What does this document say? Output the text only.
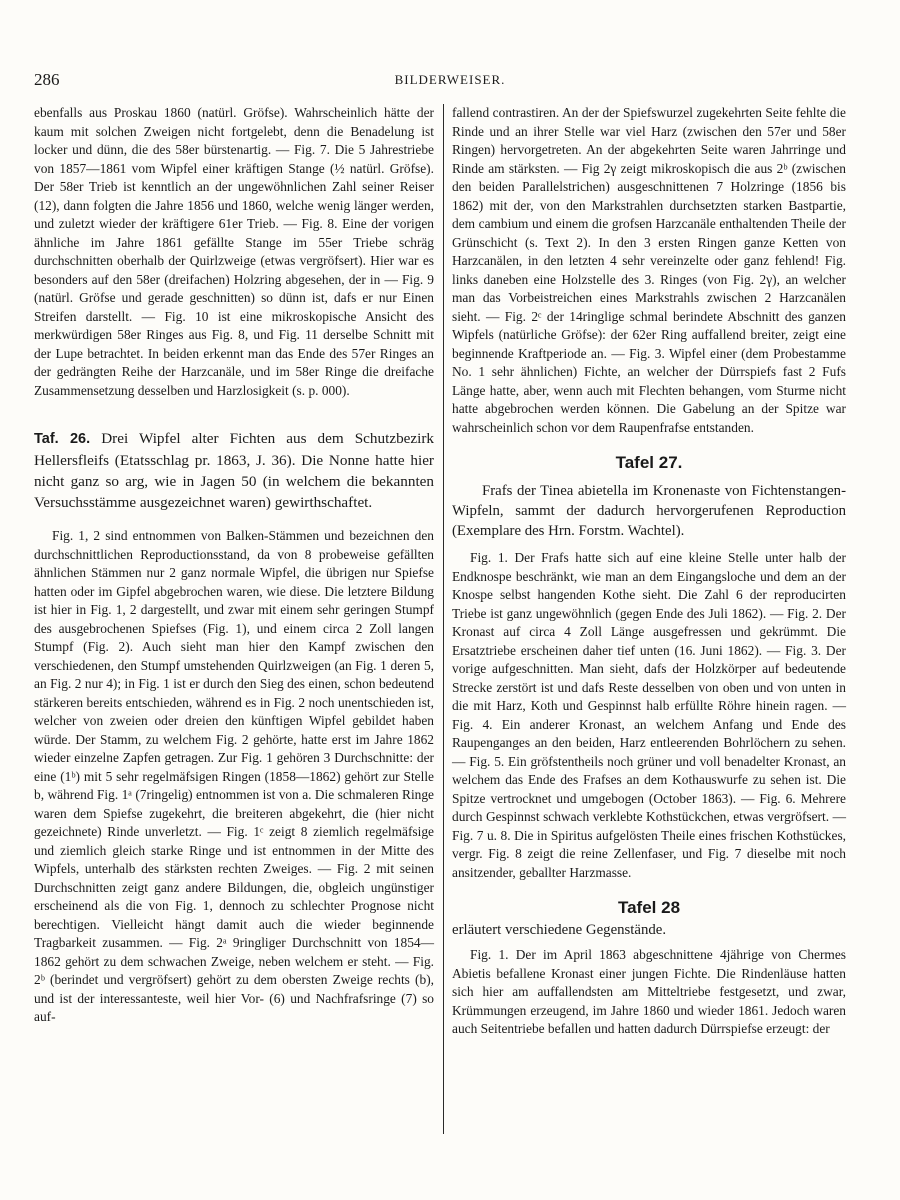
286	BILDERWEISER.

ebenfalls aus Proskau 1860 (natürl. Gröfse). Wahrscheinlich hätte der kaum mit solchen Zweigen nicht fortgelebt, denn die Benadelung ist locker und dünn, die des 58er bürstenartig. — Fig. 7. Die 5 Jahrestriebe von 1857—1861 vom Wipfel einer kräftigen Stange (½ natürl. Gröfse). Der 58er Trieb ist kenntlich an der ungewöhnlichen Zahl seiner Reiser (12), dann folgten die Jahre 1856 und 1860, welche wenig länger werden, und zuletzt wieder der kräftigere 61er Trieb. — Fig. 8. Eine der vorigen ähnliche im Jahre 1861 gefällte Stange im 55er Triebe schräg durchschnitten oberhalb der Quirlzweige (etwas vergröfsert). Hier war es besonders auf den 58er (dreifachen) Holzring abgesehen, der in — Fig. 9 (natürl. Gröfse und gerade geschnitten) so dünn ist, dafs er nur Einen Streifen darstellt. — Fig. 10 ist eine mikroskopische Ansicht des merkwürdigen 58er Ringes aus Fig. 8, und Fig. 11 derselbe Schnitt mit der Lupe betrachtet. In beiden erkennt man das Ende des 57er Ringes an der gedrängten Reihe der Harzcanäle, und im 58er Ringe die dreifache Zusammensetzung desselben und Harzlosigkeit (s. p. 000).

Taf. 26. Drei Wipfel alter Fichten aus dem Schutzbezirk Hellersfleifs (Etatsschlag pr. 1863, J. 36). Die Nonne hatte hier nicht ganz so arg, wie in Jagen 50 (in welchem die bekannten Versuchsstämme ausgezeichnet waren) gewirthschaftet.

Fig. 1, 2 sind entnommen von Balken-Stämmen und bezeichnen den durchschnittlichen Reproductionsstand, da von 8 probeweise gefällten ähnlichen Stämmen nur 2 ganz normale Wipfel, die übrigen nur Spiefse hatten oder im Gipfel abgebrochen waren, wie diese. Die letztere Bildung ist hier in Fig. 1, 2 dargestellt, und zwar mit einem sehr geringen Stumpf des ausgebrochenen Spiefses (Fig. 1), und einem circa 2 Zoll langen Stumpf (Fig. 2). Auch sieht man hier den Kampf zwischen den verschiedenen, den Stumpf umstehenden Quirlzweigen (an Fig. 1 deren 5, an Fig. 2 nur 4); in Fig. 1 ist er durch den Sieg des einen, schon bedeutend stärkeren bereits entschieden, während es in Fig. 2 noch unentschieden ist, welcher von zweien oder dreien den künftigen Wipfel gebildet haben würde. Der Stamm, zu welchem Fig. 2 gehörte, hatte erst im Jahre 1862 wieder einzelne Zapfen getragen. Zur Fig. 1 gehören 3 Durchschnitte: der eine (1ᵇ) mit 5 sehr regelmäfsigen Ringen (1858—1862) gehört zur Stelle b, während Fig. 1ᵃ (7ringelig) entnommen ist von a. Die schmaleren Ringe waren dem Spiefse zugekehrt, die breiteren abgekehrt, die (hier nicht gezeichnete) Rinde unverletzt. — Fig. 1ᶜ zeigt 8 ziemlich regelmäfsige und ziemlich gleich starke Ringe und ist entnommen in der Mitte des Wipfels, unterhalb des stärksten rechten Zweiges. — Fig. 2 mit seinen Durchschnitten zeigt ganz andere Bildungen, die, obgleich ungünstiger erscheinend als die von Fig. 1, dennoch zu schlechter Prognose nicht berechtigen. Vielleicht hängt damit auch die wieder beginnende Tragbarkeit zusammen. — Fig. 2ᵃ 9ringliger Durchschnitt von 1854—1862 gehört zu dem schwachen Zweige, neben welchem er steht. — Fig. 2ᵇ (berindet und vergröfsert) gehört zu dem obersten Zweige rechts (b), und ist der interessanteste, weil hier Vor- (6) und Nachfrafsringe (7) so auf-

fallend contrastiren. An der der Spiefswurzel zugekehrten Seite fehlte die Rinde und an ihrer Stelle war viel Harz (zwischen den 57er und 58er Ringen) hervorgetreten. An der abgekehrten Seite waren Jahrringe und Rinde am stärksten. — Fig 2γ zeigt mikroskopisch die aus 2ᵇ (zwischen den beiden Parallelstrichen) ausgeschnittenen 7 Holzringe (1856 bis 1862) mit der, von den Markstrahlen durchsetzten starken Bastpartie, dem cambium und einem die grofsen Harzcanäle enthaltenden Theile der Grünschicht (s. Text 2). In den 3 ersten Ringen ganze Ketten von Harzcanälen, in den letzten 4 sehr vereinzelte oder ganz fehlend! Fig. links daneben eine Holzstelle des 3. Ringes (von Fig. 2γ), an welcher man das Vorbeistreichen eines Markstrahls zwischen 2 Harzcanälen sieht. — Fig. 2ᶜ der 14ringlige schmal berindete Abschnitt des ganzen Wipfels (natürliche Gröfse): der 62er Ring auffallend breiter, zeigt eine beginnende Kraftperiode an. — Fig. 3. Wipfel einer (dem Probestamme No. 1 sehr ähnlichen) Fichte, an welcher der Dürrspiefs fast 2 Fufs Länge hatte, aber, wenn auch mit Flechten behangen, vom Sturme nicht hatte abgebrochen werden können. Die Gabelung an der Spitze war wahrscheinlich schon vor dem Raupenfrafse entstanden.

Tafel 27.

Frafs der Tinea abietella im Kronenaste von Fichtenstangen-Wipfeln, sammt der dadurch hervorgerufenen Reproduction (Exemplare des Hrn. Forstm. Wachtel).

Fig. 1. Der Frafs hatte sich auf eine kleine Stelle unter halb der Endknospe beschränkt, wie man an dem Eingangsloche und dem an der Knospe selbst hangenden Kothe sieht. Die Zahl 6 der reproducirten Triebe ist ganz ungewöhnlich (gegen Ende des Juli 1862). — Fig. 2. Der Kronast auf circa 4 Zoll Länge ausgefressen und gekrümmt. Die Ersatztriebe erscheinen daher tief unten (16. Juni 1862). — Fig. 3. Der vorige aufgeschnitten. Man sieht, dafs der Holzkörper auf bedeutende Strecke zerstört ist und dafs Reste desselben von oben und von unten in die mit Harz, Koth und Gespinnst halb erfüllte Röhre hinein ragen. — Fig. 4. Ein anderer Kronast, an welchem Anfang und Ende des Raupenganges an den beiden, Harz entleerenden Bohrlöchern zu sehen. — Fig. 5. Ein gröfstentheils noch grüner und voll benadelter Kronast, an welchem das Ende des Frafses an dem Kothauswurfe zu sehen ist. Die Spitze vertrocknet und umgebogen (October 1863). — Fig. 6. Mehrere durch Gespinnst schwach verklebte Kothstückchen, etwas vergröfsert. — Fig. 7 u. 8. Die in Spiritus aufgelösten Theile eines frischen Kothstückes, vergr. Fig. 8 zeigt die reine Zellenfaser, und Fig. 7 dieselbe mit noch ansitzender, geballter Harzmasse.

Tafel 28

erläutert verschiedene Gegenstände.

Fig. 1. Der im April 1863 abgeschnittene 4jährige von Chermes Abietis befallene Kronast einer jungen Fichte. Die Rindenläuse hatten sich hier am auffallendsten am Mitteltriebe festgesetzt, und zwar, Krümmungen erzeugend, im Jahre 1860 und wieder 1861. Jedoch waren auch Seitentriebe befallen und hatten dadurch Dürrspiefse erzeugt: der
